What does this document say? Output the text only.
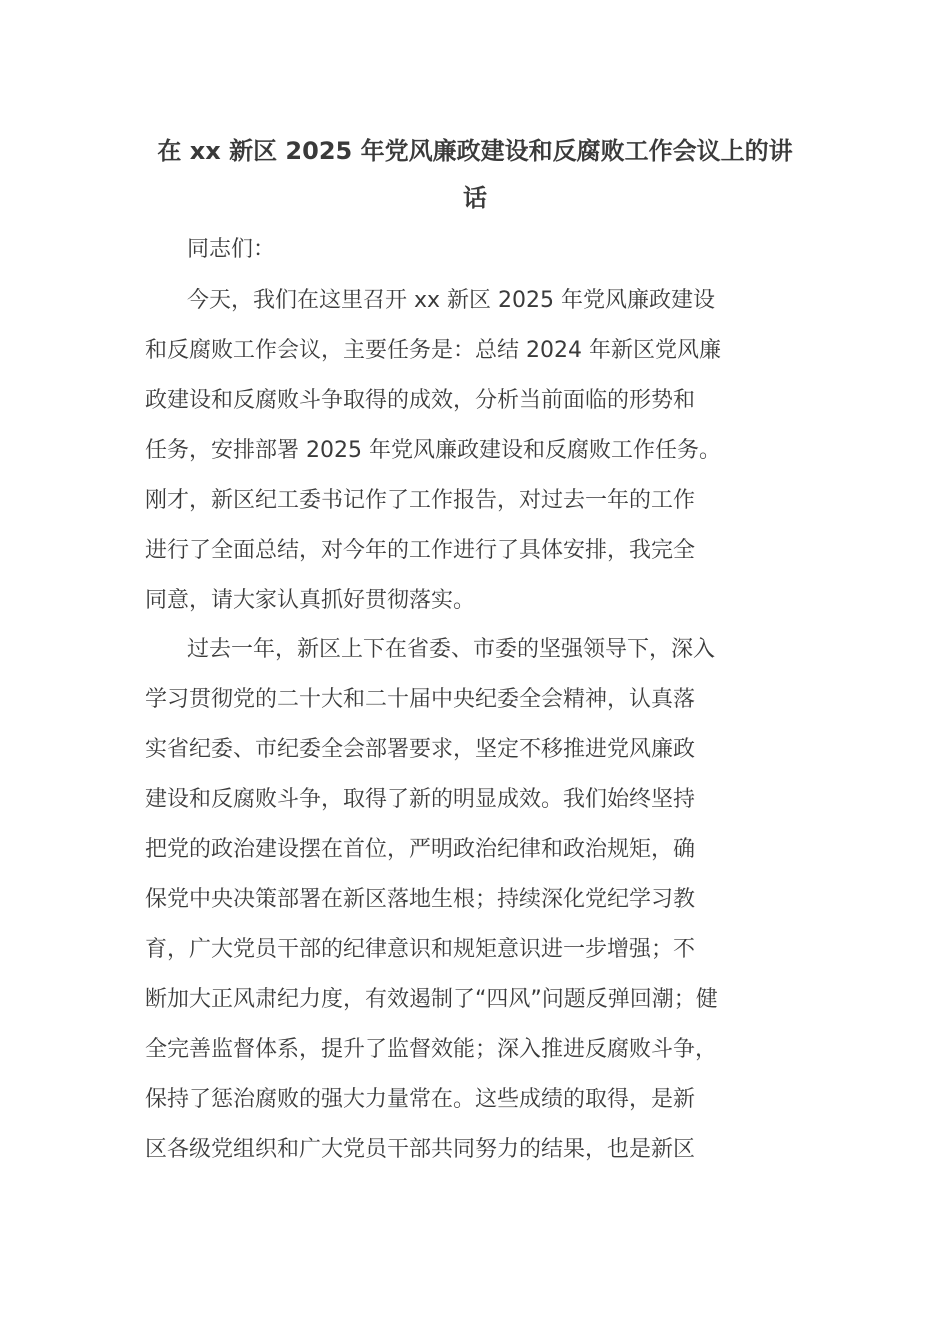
在 xx 新区 2025 年党风廉政建设和反腐败工作会议上的讲
话

同志们：

今天，我们在这里召开 xx 新区 2025 年党风廉政建设
和反腐败工作会议，主要任务是：总结 2024 年新区党风廉
政建设和反腐败斗争取得的成效，分析当前面临的形势和
任务，安排部署 2025 年党风廉政建设和反腐败工作任务。
刚才，新区纪工委书记作了工作报告，对过去一年的工作
进行了全面总结，对今年的工作进行了具体安排，我完全
同意，请大家认真抓好贯彻落实。

过去一年，新区上下在省委、市委的坚强领导下，深入
学习贯彻党的二十大和二十届中央纪委全会精神，认真落
实省纪委、市纪委全会部署要求，坚定不移推进党风廉政
建设和反腐败斗争，取得了新的明显成效。我们始终坚持
把党的政治建设摆在首位，严明政治纪律和政治规矩，确
保党中央决策部署在新区落地生根；持续深化党纪学习教
育，广大党员干部的纪律意识和规矩意识进一步增强；不
断加大正风肃纪力度，有效遏制了“四风”问题反弹回潮；健
全完善监督体系，提升了监督效能；深入推进反腐败斗争，
保持了惩治腐败的强大力量常在。这些成绩的取得，是新
区各级党组织和广大党员干部共同努力的结果，也是新区
